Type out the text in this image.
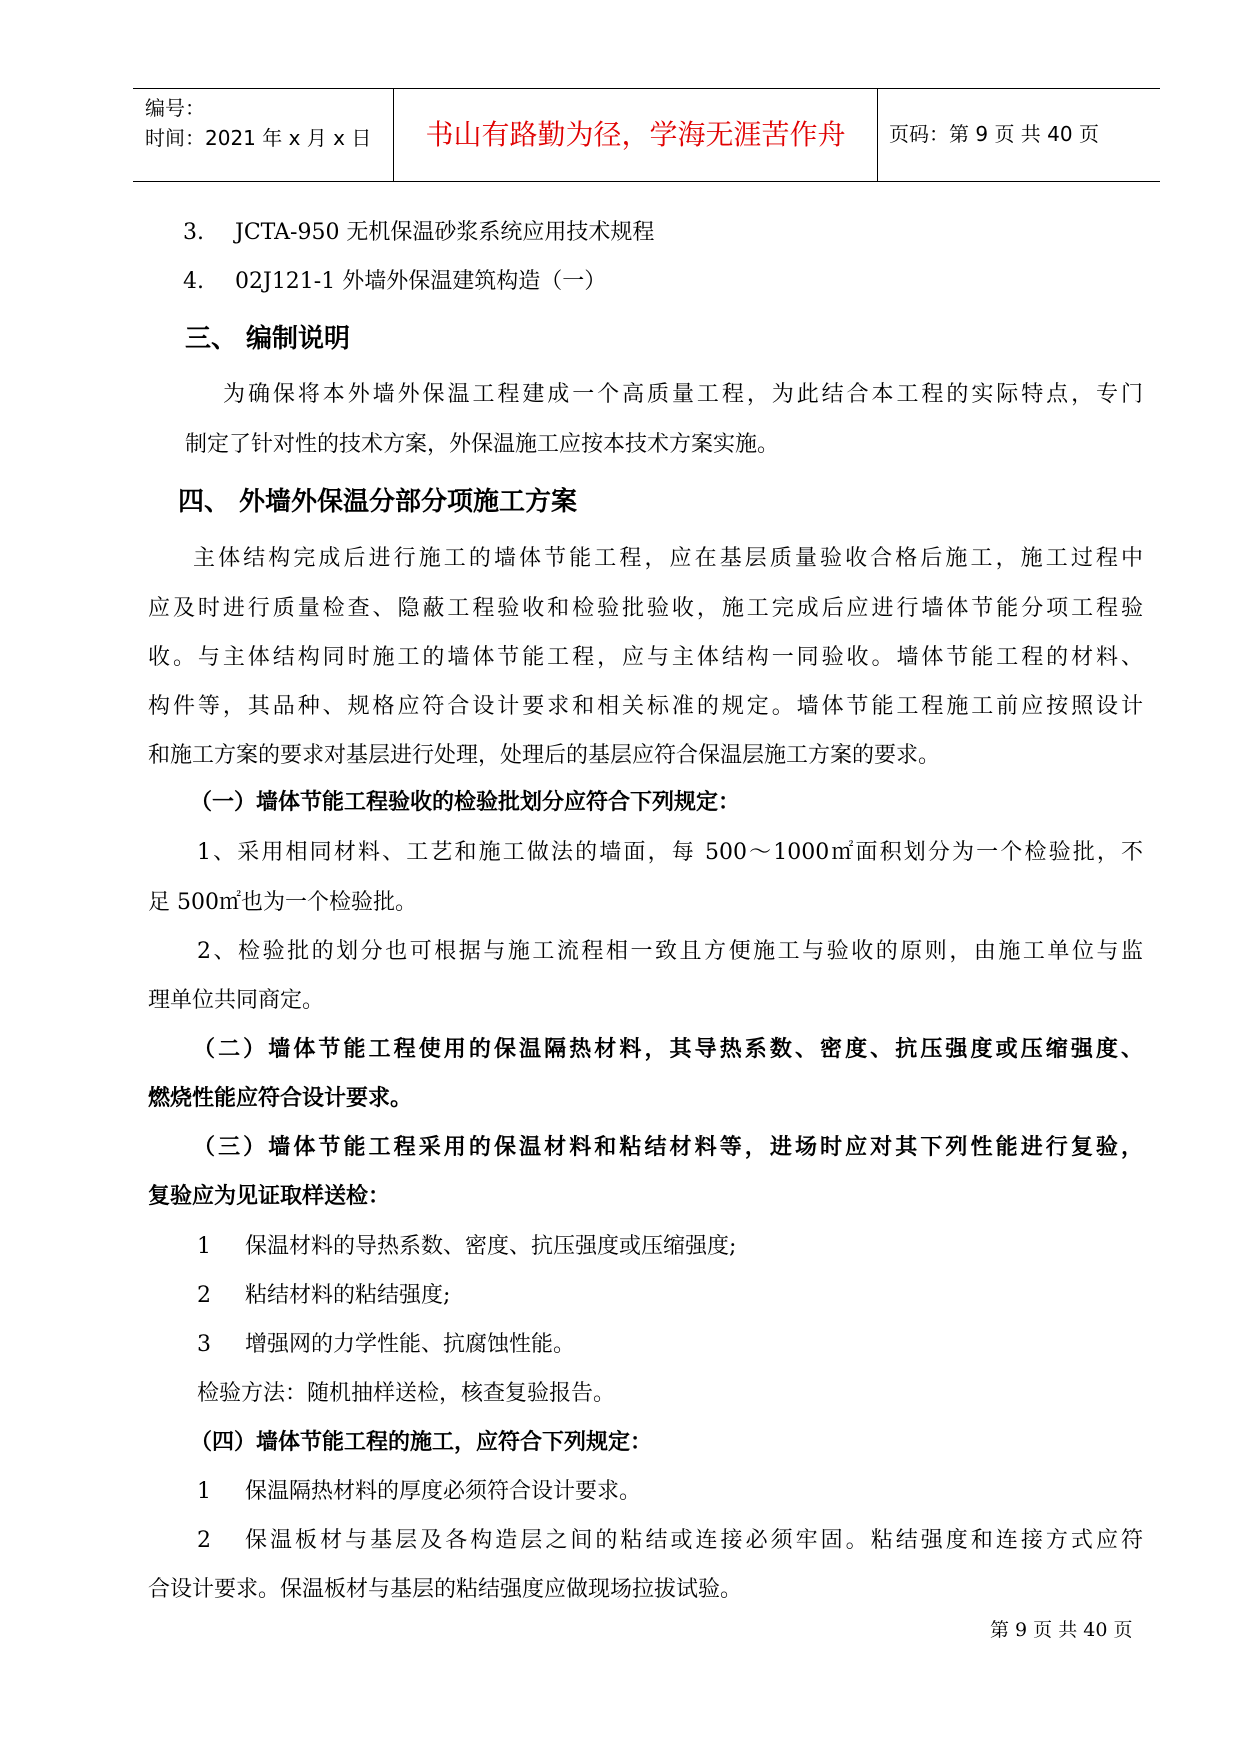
编号：
时间：2021 年 x 月 x 日	书山有路勤为径，学海无涯苦作舟	页码：第 9 页 共 40 页
3. JCTA-950 无机保温砂浆系统应用技术规程
4. 02J121-1 外墙外保温建筑构造（一）
三、 编制说明
为确保将本外墙外保温工程建成一个高质量工程，为此结合本工程的实际特点，专门
制定了针对性的技术方案，外保温施工应按本技术方案实施。
四、 外墙外保温分部分项施工方案
主体结构完成后进行施工的墙体节能工程，应在基层质量验收合格后施工，施工过程中
应及时进行质量检查、隐蔽工程验收和检验批验收，施工完成后应进行墙体节能分项工程验
收。与主体结构同时施工的墙体节能工程，应与主体结构一同验收。墙体节能工程的材料、
构件等，其品种、规格应符合设计要求和相关标准的规定。墙体节能工程施工前应按照设计
和施工方案的要求对基层进行处理，处理后的基层应符合保温层施工方案的要求。
（一）墙体节能工程验收的检验批划分应符合下列规定：
1、采用相同材料、工艺和施工做法的墙面，每 500～1000㎡面积划分为一个检验批，不
足 500㎡也为一个检验批。
2、检验批的划分也可根据与施工流程相一致且方便施工与验收的原则，由施工单位与监
理单位共同商定。
（二）墙体节能工程使用的保温隔热材料，其导热系数、密度、抗压强度或压缩强度、
燃烧性能应符合设计要求。
（三）墙体节能工程采用的保温材料和粘结材料等，进场时应对其下列性能进行复验，
复验应为见证取样送检：
1 保温材料的导热系数、密度、抗压强度或压缩强度;
2 粘结材料的粘结强度;
3 增强网的力学性能、抗腐蚀性能。
检验方法：随机抽样送检，核查复验报告。
（四）墙体节能工程的施工，应符合下列规定：
1 保温隔热材料的厚度必须符合设计要求。
2 保温板材与基层及各构造层之间的粘结或连接必须牢固。粘结强度和连接方式应符
合设计要求。保温板材与基层的粘结强度应做现场拉拔试验。
第 9 页 共 40 页
